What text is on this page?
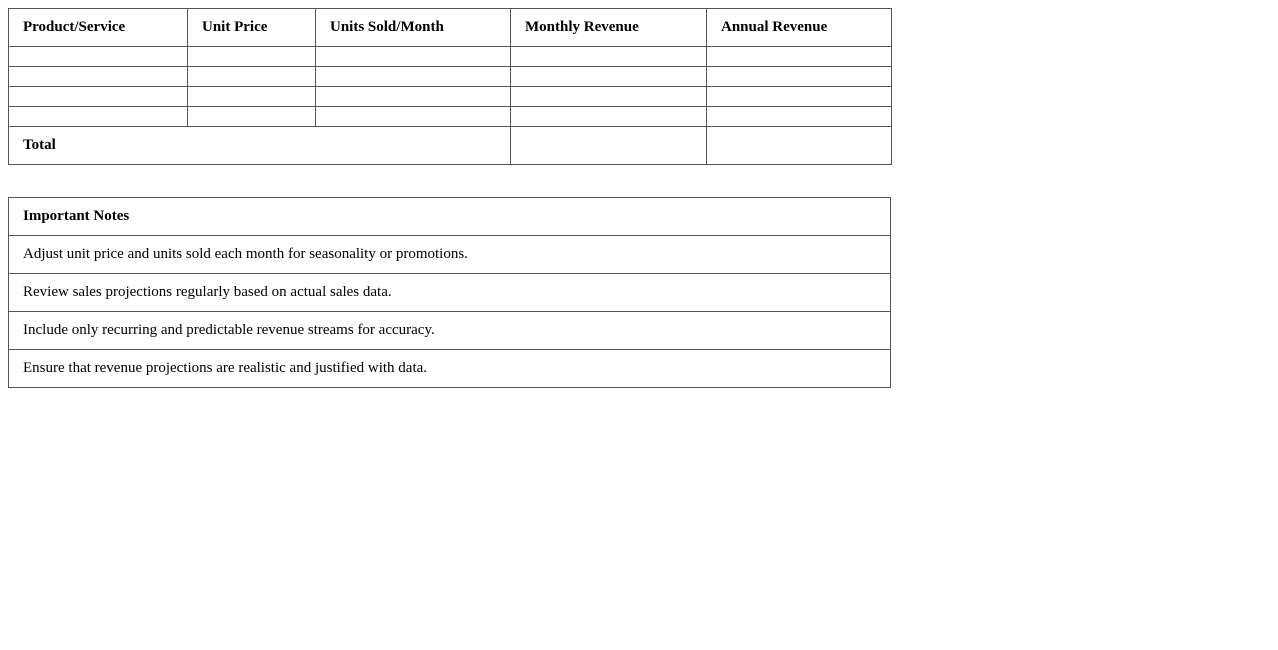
Product/Service	Unit Price	Units Sold/Month	Monthly Revenue	Annual Revenue

Total				
Important Notes
Adjust unit price and units sold each month for seasonality or promotions.
Review sales projections regularly based on actual sales data.
Include only recurring and predictable revenue streams for accuracy.
Ensure that revenue projections are realistic and justified with data.
